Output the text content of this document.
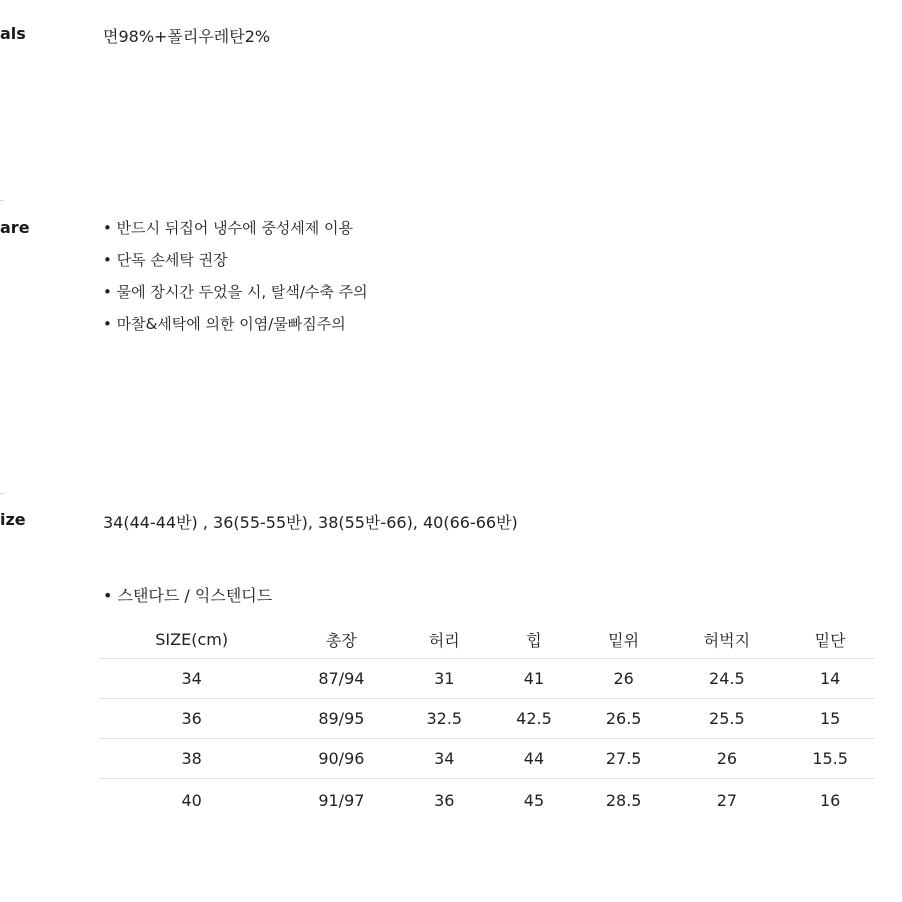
als	면98%+폴리우레탄2%
are	• 반드시 뒤집어 냉수에 중성세제 이용
• 단독 손세탁 권장
• 물에 장시간 두었을 시, 탈색/수축 주의
• 마찰&세탁에 의한 이염/물빠짐주의
ize	34(44-44반) , 36(55-55반), 38(55반-66), 40(66-66반)
• 스탠다드 / 익스텐디드
SIZE(cm)	총장	허리	힙	밑위	허벅지	밑단
34	87/94	31	41	26	24.5	14
36	89/95	32.5	42.5	26.5	25.5	15
38	90/96	34	44	27.5	26	15.5
40	91/97	36	45	28.5	27	16
